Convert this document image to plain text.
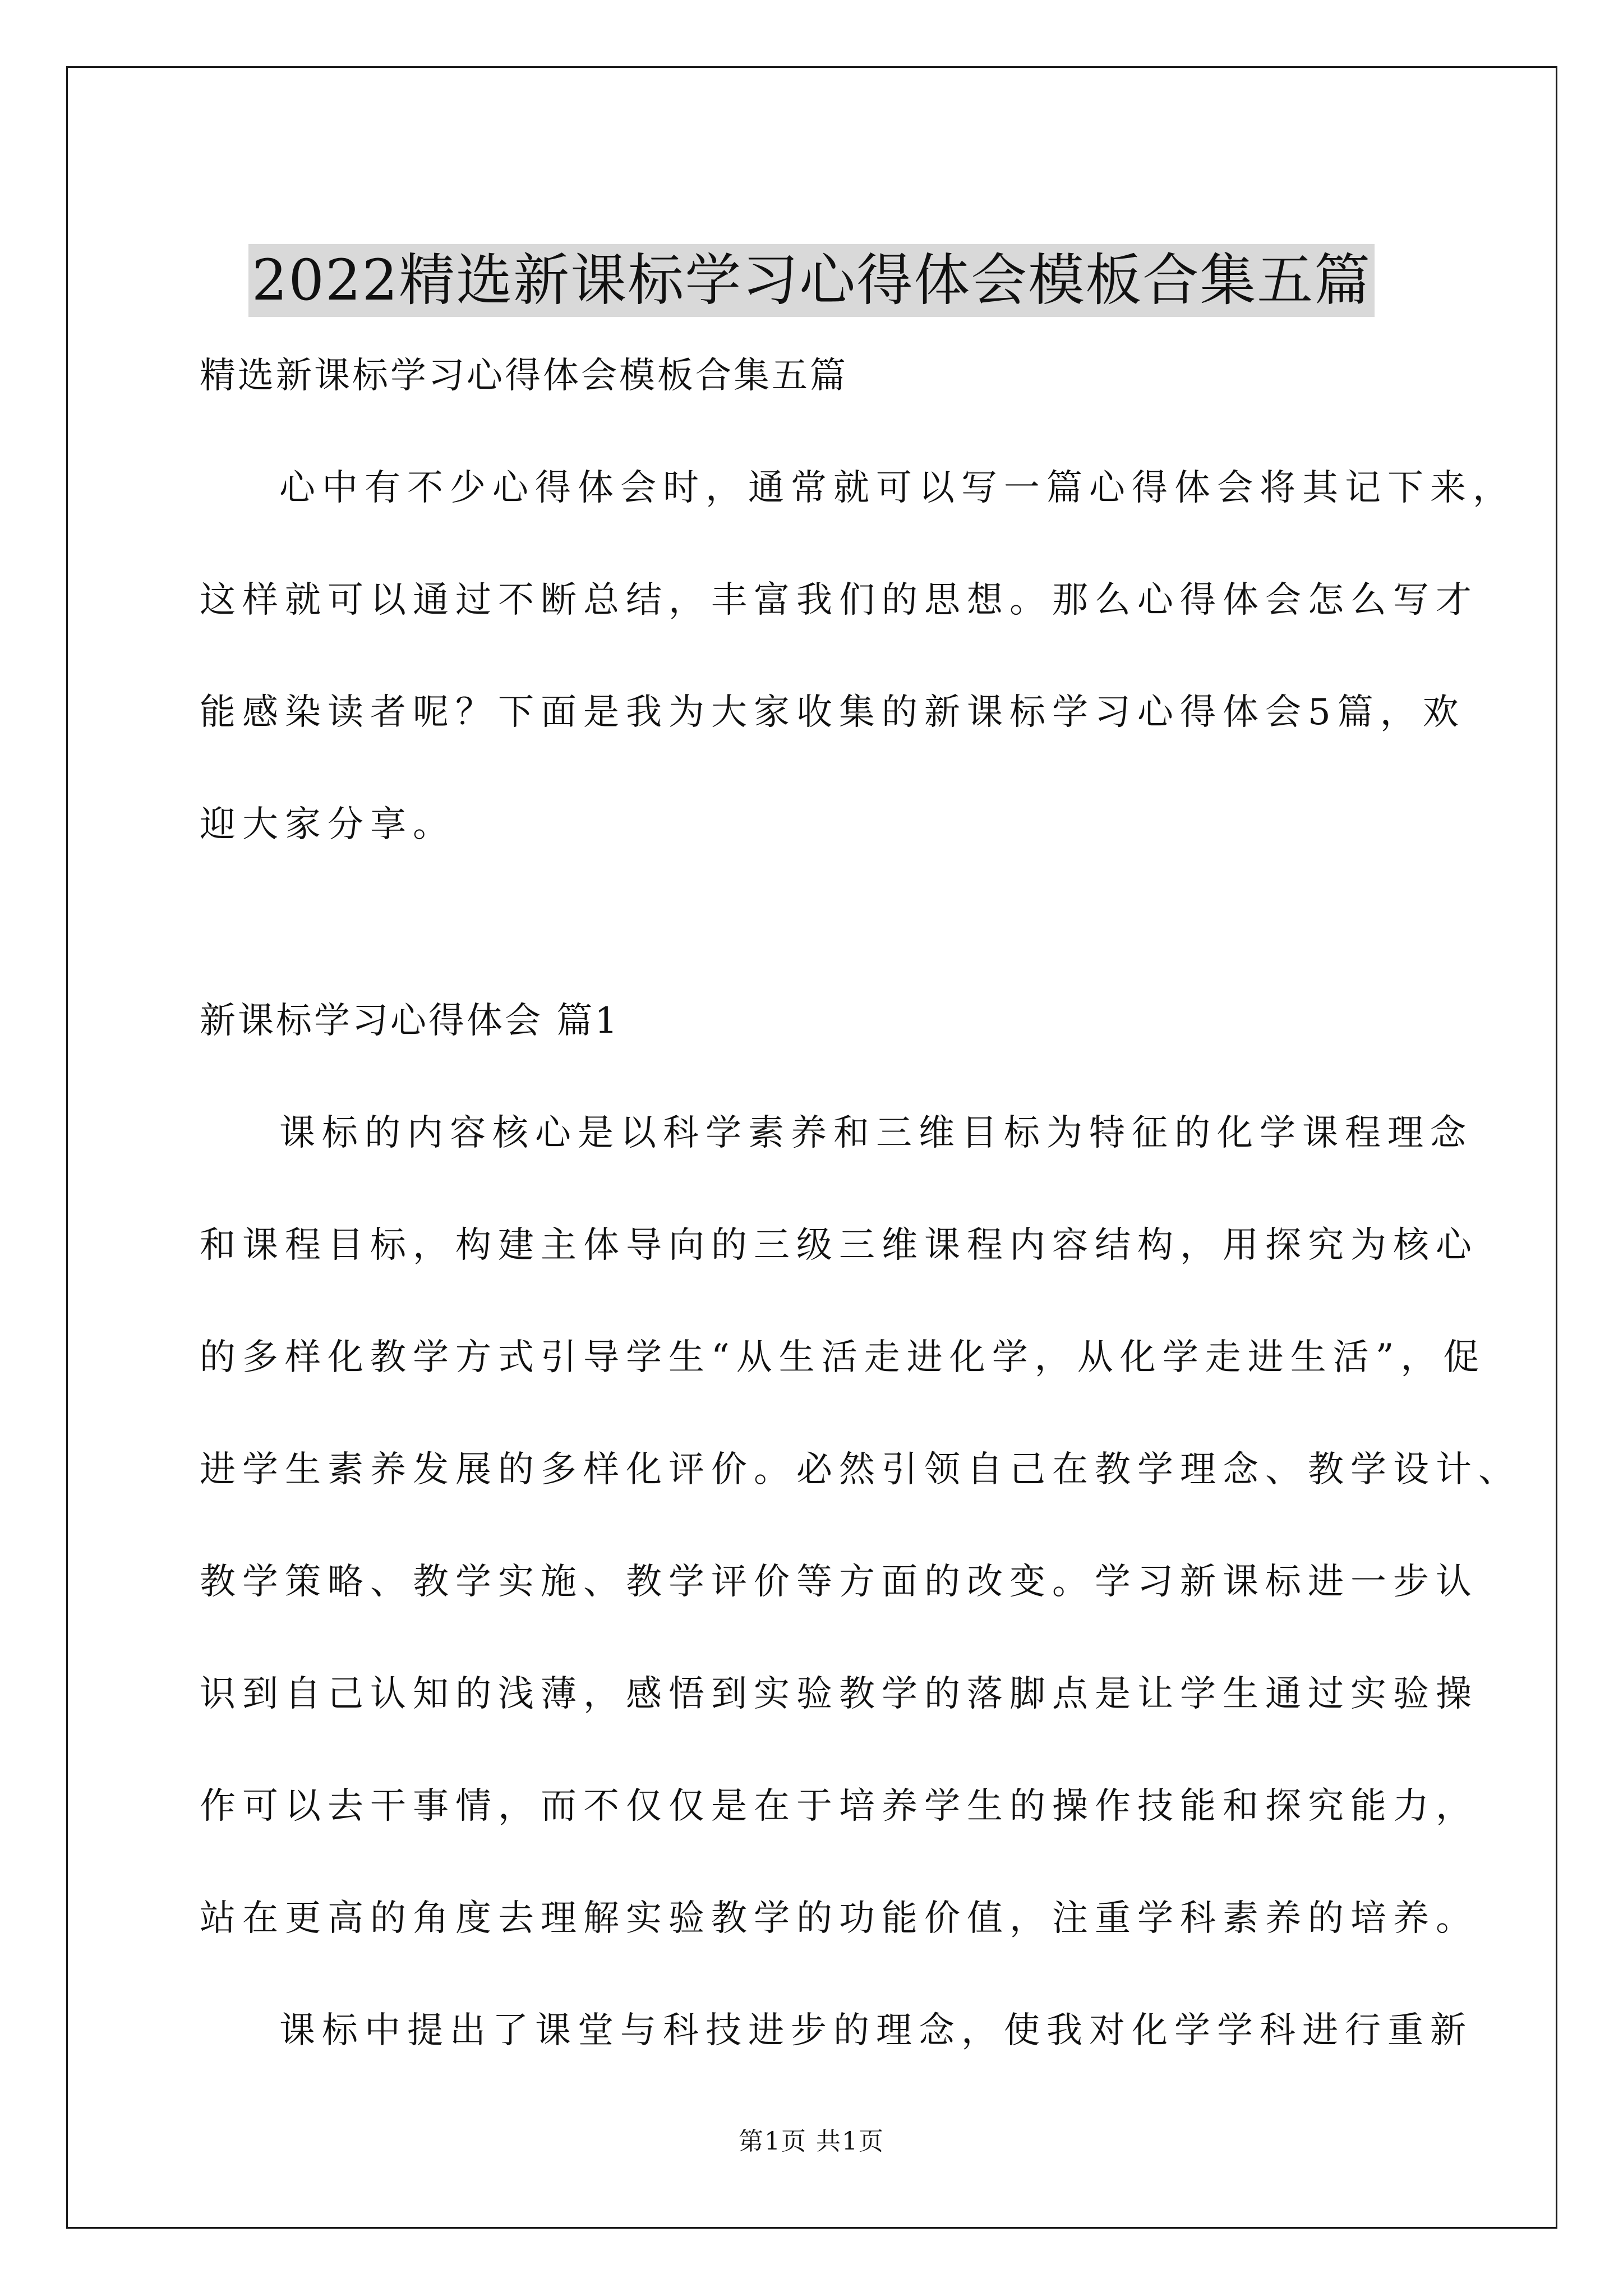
2022精选新课标学习心得体会模板合集五篇

精选新课标学习心得体会模板合集五篇

心中有不少心得体会时，通常就可以写一篇心得体会将其记下来，

这样就可以通过不断总结，丰富我们的思想。那么心得体会怎么写才

能感染读者呢？下面是我为大家收集的新课标学习心得体会5篇，欢

迎大家分享。

新课标学习心得体会 篇1

课标的内容核心是以科学素养和三维目标为特征的化学课程理念

和课程目标，构建主体导向的三级三维课程内容结构，用探究为核心

的多样化教学方式引导学生“从生活走进化学，从化学走进生活”，促

进学生素养发展的多样化评价。必然引领自己在教学理念、教学设计、

教学策略、教学实施、教学评价等方面的改变。学习新课标进一步认

识到自己认知的浅薄，感悟到实验教学的落脚点是让学生通过实验操

作可以去干事情，而不仅仅是在于培养学生的操作技能和探究能力，

站在更高的角度去理解实验教学的功能价值，注重学科素养的培养。

课标中提出了课堂与科技进步的理念，使我对化学学科进行重新

第1页 共1页
